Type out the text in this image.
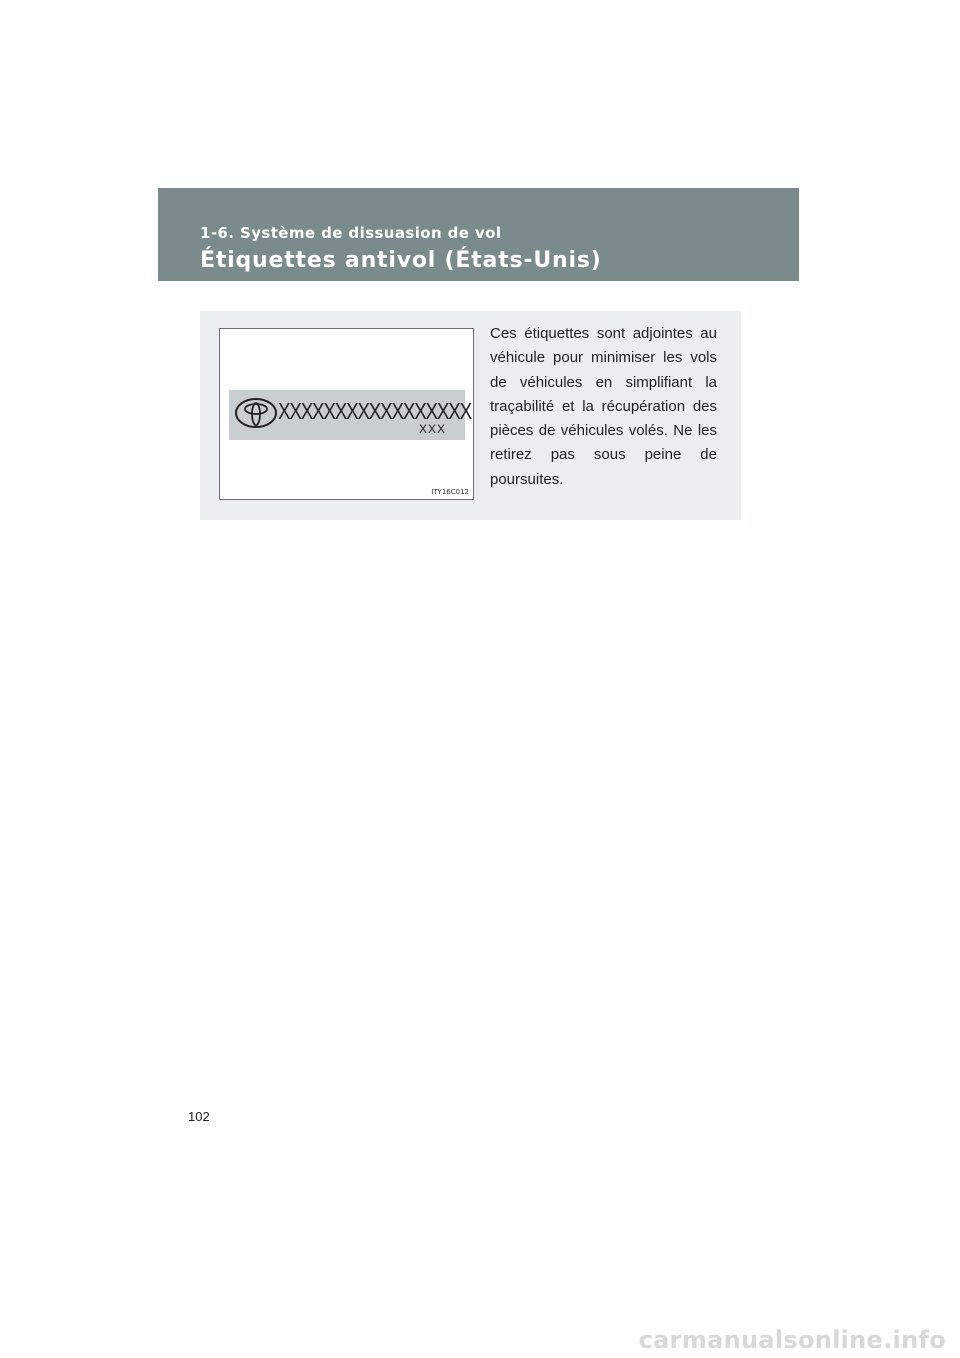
1-6. Système de dissuasion de vol
Étiquettes antivol (États-Unis)
XXXXXXXXXXXXXXXXX
XXX
ITY16C012
Ces étiquettes sont adjointes au véhicule pour minimiser les vols de véhicules en simplifiant la traçabilité et la récupération des pièces de véhicules volés. Ne les retirez pas sous peine de poursuites.
102
carmanualsonline.info
